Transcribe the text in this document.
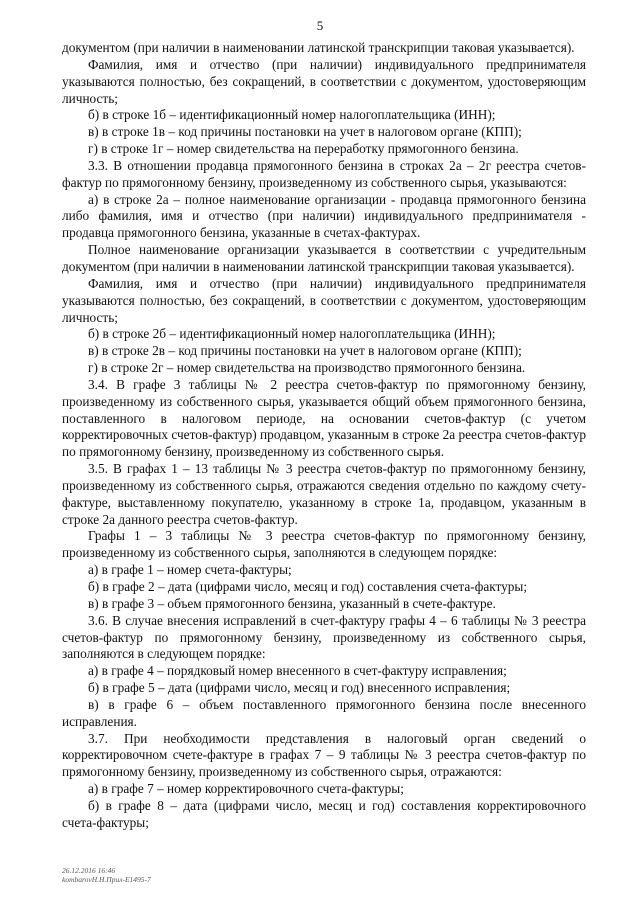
5

документом (при наличии в наименовании латинской транскрипции таковая указывается).

Фамилия, имя и отчество (при наличии) индивидуального предпринимателя указываются полностью, без сокращений, в соответствии с документом, удостоверяющим личность;

б) в строке 1б – идентификационный номер налогоплательщика (ИНН);

в) в строке 1в – код причины постановки на учет в налоговом органе (КПП);

г) в строке 1г – номер свидетельства на переработку прямогонного бензина.

3.3. В отношении продавца прямогонного бензина в строках 2а – 2г реестра счетов-фактур по прямогонному бензину, произведенному из собственного сырья, указываются:

а) в строке 2а – полное наименование организации - продавца прямогонного бензина либо фамилия, имя и отчество (при наличии) индивидуального предпринимателя - продавца прямогонного бензина, указанные в счетах-фактурах.

Полное наименование организации указывается в соответствии с учредительным документом (при наличии в наименовании латинской транскрипции таковая указывается).

Фамилия, имя и отчество (при наличии) индивидуального предпринимателя указываются полностью, без сокращений, в соответствии с документом, удостоверяющим личность;

б) в строке 2б – идентификационный номер налогоплательщика (ИНН);

в) в строке 2в – код причины постановки на учет в налоговом органе (КПП);

г) в строке 2г – номер свидетельства на производство прямогонного бензина.

3.4. В графе 3 таблицы № 2 реестра счетов-фактур по прямогонному бензину, произведенному из собственного сырья, указывается общий объем прямогонного бензина, поставленного в налоговом периоде, на основании счетов-фактур (с учетом корректировочных счетов-фактур) продавцом, указанным в строке 2а реестра счетов-фактур по прямогонному бензину, произведенному из собственного сырья.

3.5. В графах 1 – 13 таблицы № 3 реестра счетов-фактур по прямогонному бензину, произведенному из собственного сырья, отражаются сведения отдельно по каждому счету-фактуре, выставленному покупателю, указанному в строке 1а, продавцом, указанным в строке 2а данного реестра счетов-фактур.

Графы 1 – 3 таблицы № 3 реестра счетов-фактур по прямогонному бензину, произведенному из собственного сырья, заполняются в следующем порядке:

а) в графе 1 – номер счета-фактуры;

б) в графе 2 – дата (цифрами число, месяц и год) составления счета-фактуры;

в) в графе 3 – объем прямогонного бензина, указанный в счете-фактуре.

3.6. В случае внесения исправлений в счет-фактуру графы 4 – 6 таблицы № 3 реестра счетов-фактур по прямогонному бензину, произведенному из собственного сырья, заполняются в следующем порядке:

а) в графе 4 – порядковый номер внесенного в счет-фактуру исправления;

б) в графе 5 – дата (цифрами число, месяц и год) внесенного исправления;

в) в графе 6 – объем поставленного прямогонного бензина после внесенного исправления.

3.7. При необходимости представления в налоговый орган сведений о корректировочном счете-фактуре в графах 7 – 9 таблицы № 3 реестра счетов-фактур по прямогонному бензину, произведенному из собственного сырья, отражаются:

а) в графе 7 – номер корректировочного счета-фактуры;

б) в графе 8 – дата (цифрами число, месяц и год) составления корректировочного счета-фактуры;

26.12.2016 16:46
kombarovH.H.Прил-Е1495-7
